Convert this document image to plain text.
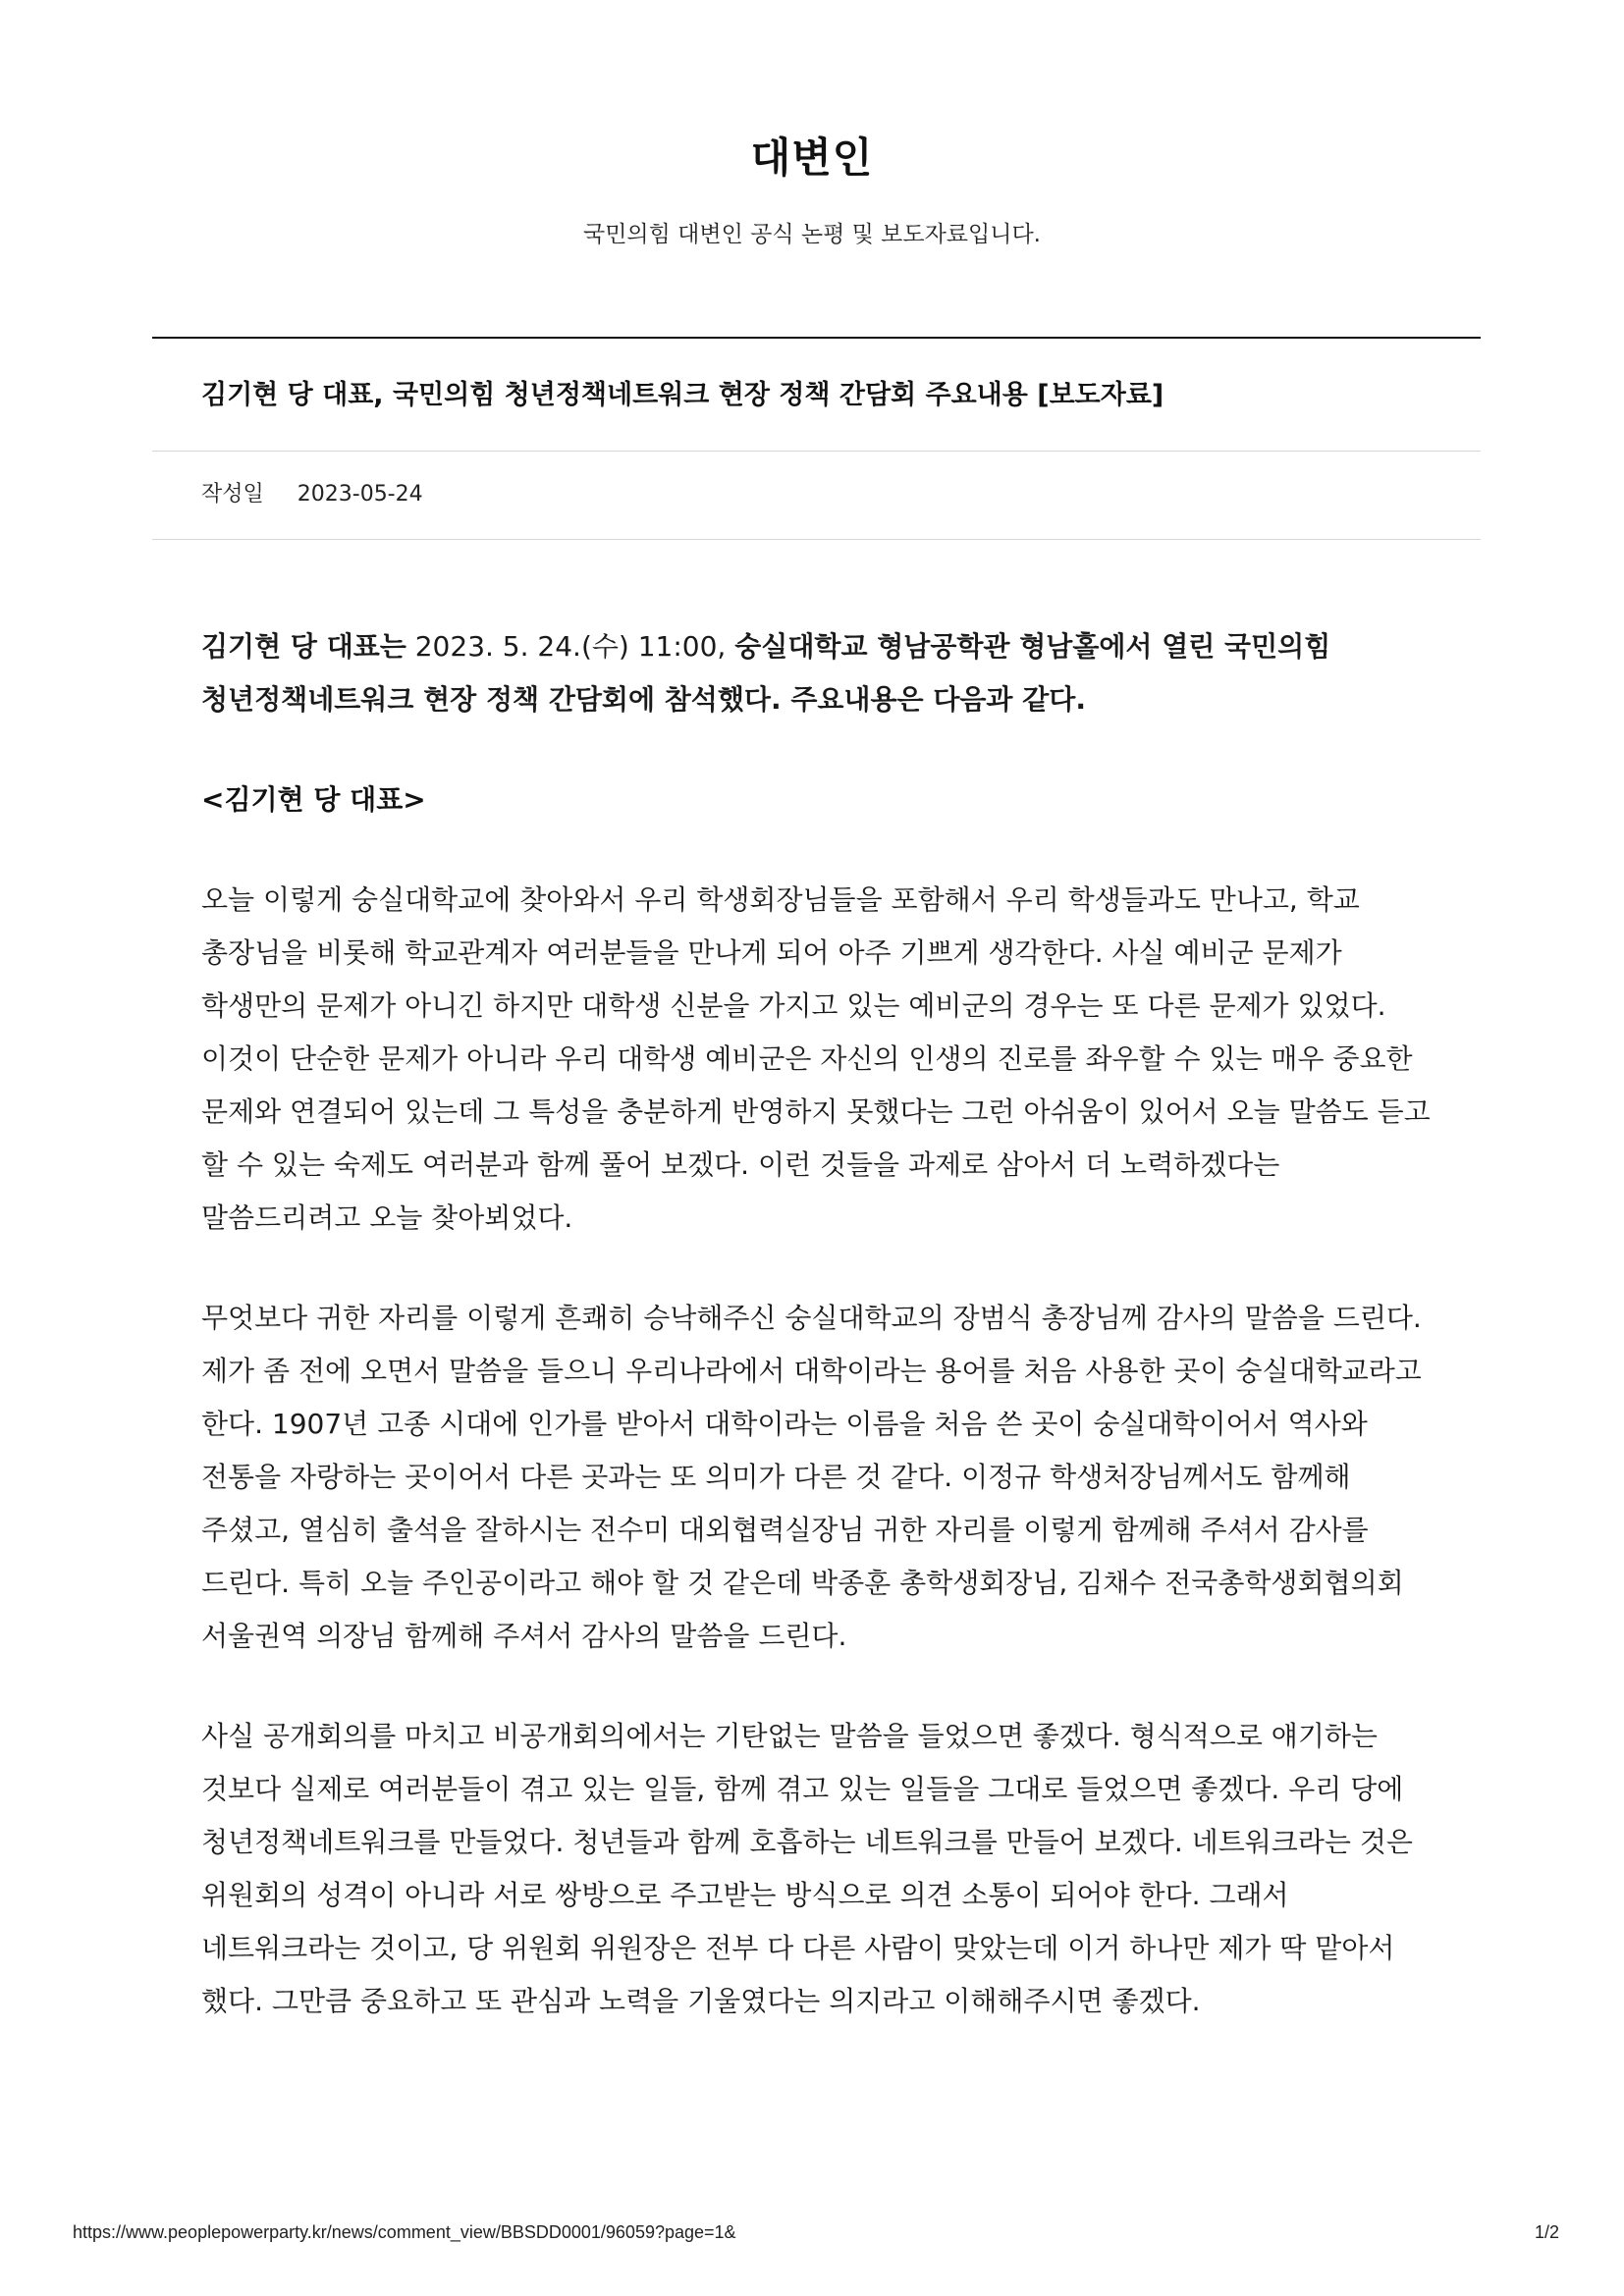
대변인
국민의힘 대변인 공식 논평 및 보도자료입니다.
김기현 당 대표, 국민의힘 청년정책네트워크 현장 정책 간담회 주요내용 [보도자료]
작성일 2023-05-24

김기현 당 대표는 2023. 5. 24.(수) 11:00, 숭실대학교 형남공학관 형남홀에서 열린 국민의힘 청년정책네트워크 현장 정책 간담회에 참석했다. 주요내용은 다음과 같다.

<김기현 당 대표>

오늘 이렇게 숭실대학교에 찾아와서 우리 학생회장님들을 포함해서 우리 학생들과도 만나고, 학교 총장님을 비롯해 학교관계자 여러분들을 만나게 되어 아주 기쁘게 생각한다. 사실 예비군 문제가 학생만의 문제가 아니긴 하지만 대학생 신분을 가지고 있는 예비군의 경우는 또 다른 문제가 있었다. 이것이 단순한 문제가 아니라 우리 대학생 예비군은 자신의 인생의 진로를 좌우할 수 있는 매우 중요한 문제와 연결되어 있는데 그 특성을 충분하게 반영하지 못했다는 그런 아쉬움이 있어서 오늘 말씀도 듣고 할 수 있는 숙제도 여러분과 함께 풀어 보겠다. 이런 것들을 과제로 삼아서 더 노력하겠다는 말씀드리려고 오늘 찾아뵈었다.

무엇보다 귀한 자리를 이렇게 흔쾌히 승낙해주신 숭실대학교의 장범식 총장님께 감사의 말씀을 드린다. 제가 좀 전에 오면서 말씀을 들으니 우리나라에서 대학이라는 용어를 처음 사용한 곳이 숭실대학교라고 한다. 1907년 고종 시대에 인가를 받아서 대학이라는 이름을 처음 쓴 곳이 숭실대학이어서 역사와 전통을 자랑하는 곳이어서 다른 곳과는 또 의미가 다른 것 같다. 이정규 학생처장님께서도 함께해 주셨고, 열심히 출석을 잘하시는 전수미 대외협력실장님 귀한 자리를 이렇게 함께해 주셔서 감사를 드린다. 특히 오늘 주인공이라고 해야 할 것 같은데 박종훈 총학생회장님, 김채수 전국총학생회협의회 서울권역 의장님 함께해 주셔서 감사의 말씀을 드린다.

사실 공개회의를 마치고 비공개회의에서는 기탄없는 말씀을 들었으면 좋겠다. 형식적으로 얘기하는 것보다 실제로 여러분들이 겪고 있는 일들, 함께 겪고 있는 일들을 그대로 들었으면 좋겠다. 우리 당에 청년정책네트워크를 만들었다. 청년들과 함께 호흡하는 네트워크를 만들어 보겠다. 네트워크라는 것은 위원회의 성격이 아니라 서로 쌍방으로 주고받는 방식으로 의견 소통이 되어야 한다. 그래서 네트워크라는 것이고, 당 위원회 위원장은 전부 다 다른 사람이 맞았는데 이거 하나만 제가 딱 맡아서 했다. 그만큼 중요하고 또 관심과 노력을 기울였다는 의지라고 이해해주시면 좋겠다.

https://www.peoplepowerparty.kr/news/comment_view/BBSDD0001/96059?page=1&	1/2
